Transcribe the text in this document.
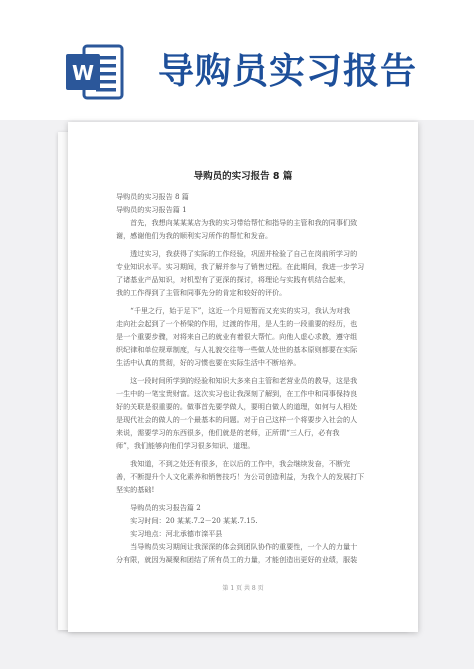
W 导购员实习报告
导购员的实习报告 8 篇
导购员的实习报告 8 篇
导购员的实习报告篇 1
　　首先，我想向某某某店为我的实习带给帮忙和指导的主管和我的同事们致
谢，感谢他们为我的顺利实习所作的帮忙和发奋。
　　透过实习，我获得了实际的工作经验，巩固并检验了自己在岗前所学习的
专业知识水平。实习期间，我了解并参与了销售过程。在此期间，我进一步学习
了诸基业产品知识，对机型有了更深的探讨，将理论与实践有机结合起来，
我的工作得到了主管和同事先分的肯定和较好的评价。
　　“千里之行，始于足下”，这近一个月短暂而又充实的实习，我认为对我
走向社会起到了一个桥梁的作用，过渡的作用，是人生的一段重要的经历，也
是一个重要步骤，对将来自己的就业有着很大帮忙。向他人虚心求教，遵守组
织纪律和单位规章制度，与人礼貌交往等一些做人处世的基本原则都要在实际
生活中认真的贯彻，好的习惯也要在实际生活中不断培养。
　　这一段时间所学到的经验和知识大多来自主管和老营业员的教导，这是我
一生中的一笔宝贵财富。这次实习也让我深刻了解到，在工作中和同事保持良
好的关联是很重要的。做事首先要学做人，要明白做人的道理，如何与人相处
是现代社会的做人的一个最基本的问题。对于自己这样一个将要步入社会的人
来说，需要学习的东西很多，他们就是的老师，正所谓“三人行，必有我
师”，我们能够向他们学习很多知识、道理。
　　我知道，不到之处还有很多，在以后的工作中，我会继续发奋，不断完
善，不断提升个人文化素养和销售技巧！为公司创造利益，为我个人的发展打下
坚实的基础!
　　导购员的实习报告篇 2
　　实习时间：20 某某.7.2－20 某某.7.15.
　　实习地点：河北承德市滦平县
　　当导购员实习期间让我深深的体会到团队协作的重要性，一个人的力量十
分有限，就因为凝聚和团结了所有员工的力量，才能创造出更好的业绩，服装
第 1 页 共 8 页
